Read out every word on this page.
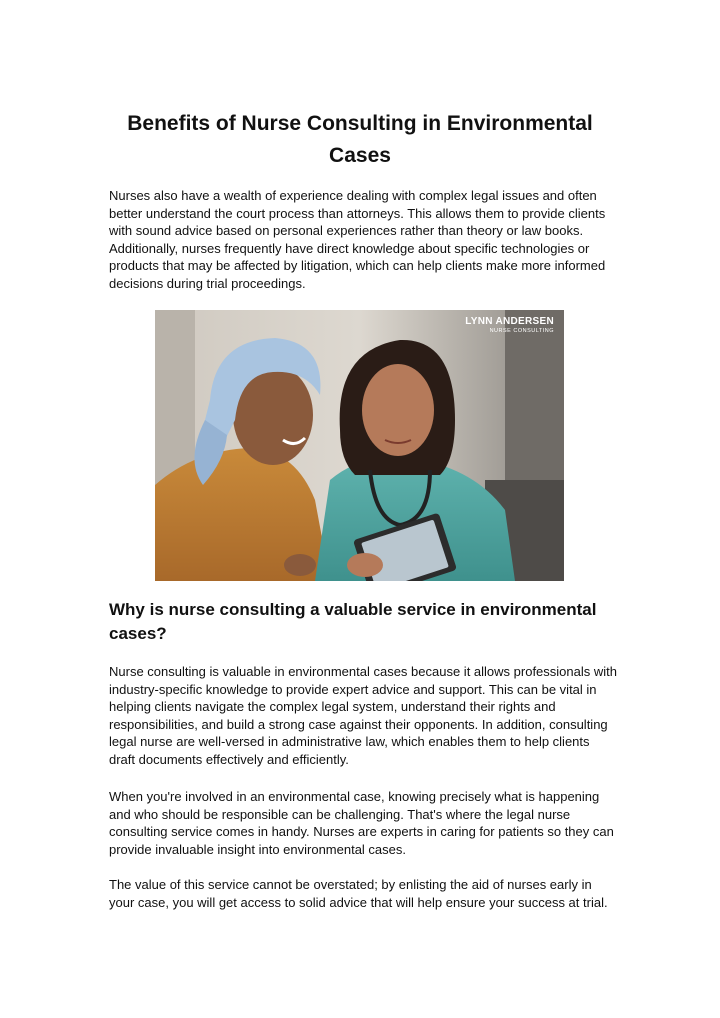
Benefits of Nurse Consulting in Environmental Cases

Nurses also have a wealth of experience dealing with complex legal issues and often better understand the court process than attorneys. This allows them to provide clients with sound advice based on personal experiences rather than theory or law books. Additionally, nurses frequently have direct knowledge about specific technologies or products that may be affected by litigation, which can help clients make more informed decisions during trial proceedings.

LYNN ANDERSEN
NURSE CONSULTING
Why is nurse consulting a valuable service in environmental cases?

Nurse consulting is valuable in environmental cases because it allows professionals with industry-specific knowledge to provide expert advice and support. This can be vital in helping clients navigate the complex legal system, understand their rights and responsibilities, and build a strong case against their opponents. In addition, consulting legal nurse are well-versed in administrative law, which enables them to help clients draft documents effectively and efficiently.

When you're involved in an environmental case, knowing precisely what is happening and who should be responsible can be challenging. That's where the legal nurse consulting service comes in handy. Nurses are experts in caring for patients so they can provide invaluable insight into environmental cases.

The value of this service cannot be overstated; by enlisting the aid of nurses early in your case, you will get access to solid advice that will help ensure your success at trial.
